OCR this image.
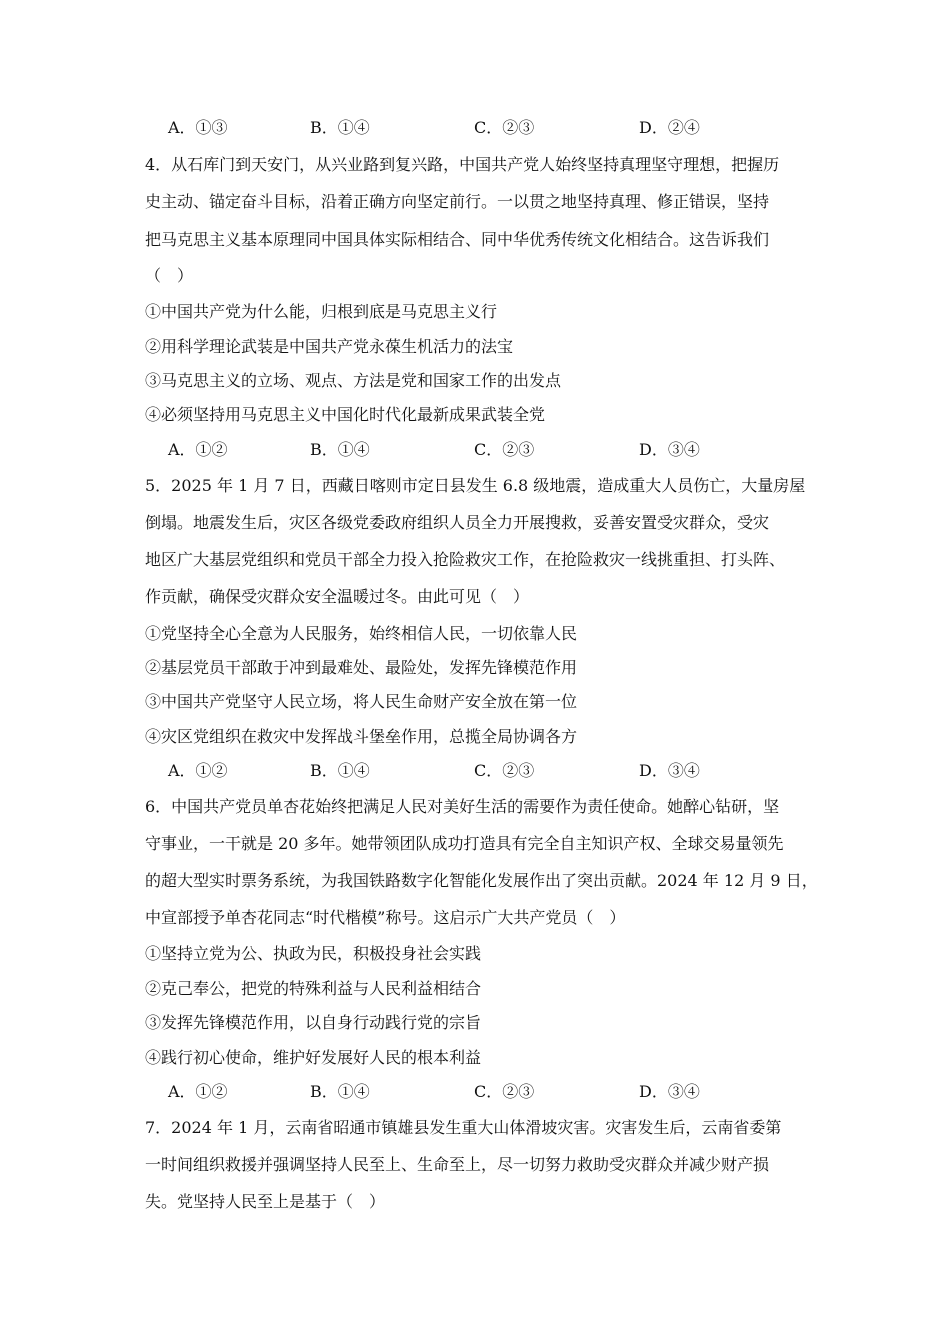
A．①③	B．①④	C．②③	D．②④
4．从石库门到天安门，从兴业路到复兴路，中国共产党人始终坚持真理坚守理想，把握历
史主动、锚定奋斗目标，沿着正确方向坚定前行。一以贯之地坚持真理、修正错误，坚持
把马克思主义基本原理同中国具体实际相结合、同中华优秀传统文化相结合。这告诉我们
（　）
①中国共产党为什么能，归根到底是马克思主义行
②用科学理论武装是中国共产党永葆生机活力的法宝
③马克思主义的立场、观点、方法是党和国家工作的出发点
④必须坚持用马克思主义中国化时代化最新成果武装全党
A．①②	B．①④	C．②③	D．③④
5．2025 年 1 月 7 日，西藏日喀则市定日县发生 6.8 级地震，造成重大人员伤亡，大量房屋
倒塌。地震发生后，灾区各级党委政府组织人员全力开展搜救，妥善安置受灾群众，受灾
地区广大基层党组织和党员干部全力投入抢险救灾工作，在抢险救灾一线挑重担、打头阵、
作贡献，确保受灾群众安全温暖过冬。由此可见（　）
①党坚持全心全意为人民服务，始终相信人民，一切依靠人民
②基层党员干部敢于冲到最难处、最险处，发挥先锋模范作用
③中国共产党坚守人民立场，将人民生命财产安全放在第一位
④灾区党组织在救灾中发挥战斗堡垒作用，总揽全局协调各方
A．①②	B．①④	C．②③	D．③④
6．中国共产党员单杏花始终把满足人民对美好生活的需要作为责任使命。她醉心钻研，坚
守事业，一干就是 20 多年。她带领团队成功打造具有完全自主知识产权、全球交易量领先
的超大型实时票务系统，为我国铁路数字化智能化发展作出了突出贡献。2024 年 12 月 9 日，
中宣部授予单杏花同志“时代楷模”称号。这启示广大共产党员（　）
①坚持立党为公、执政为民，积极投身社会实践
②克己奉公，把党的特殊利益与人民利益相结合
③发挥先锋模范作用，以自身行动践行党的宗旨
④践行初心使命，维护好发展好人民的根本利益
A．①②	B．①④	C．②③	D．③④
7．2024 年 1 月，云南省昭通市镇雄县发生重大山体滑坡灾害。灾害发生后，云南省委第
一时间组织救援并强调坚持人民至上、生命至上，尽一切努力救助受灾群众并减少财产损
失。党坚持人民至上是基于（　）
